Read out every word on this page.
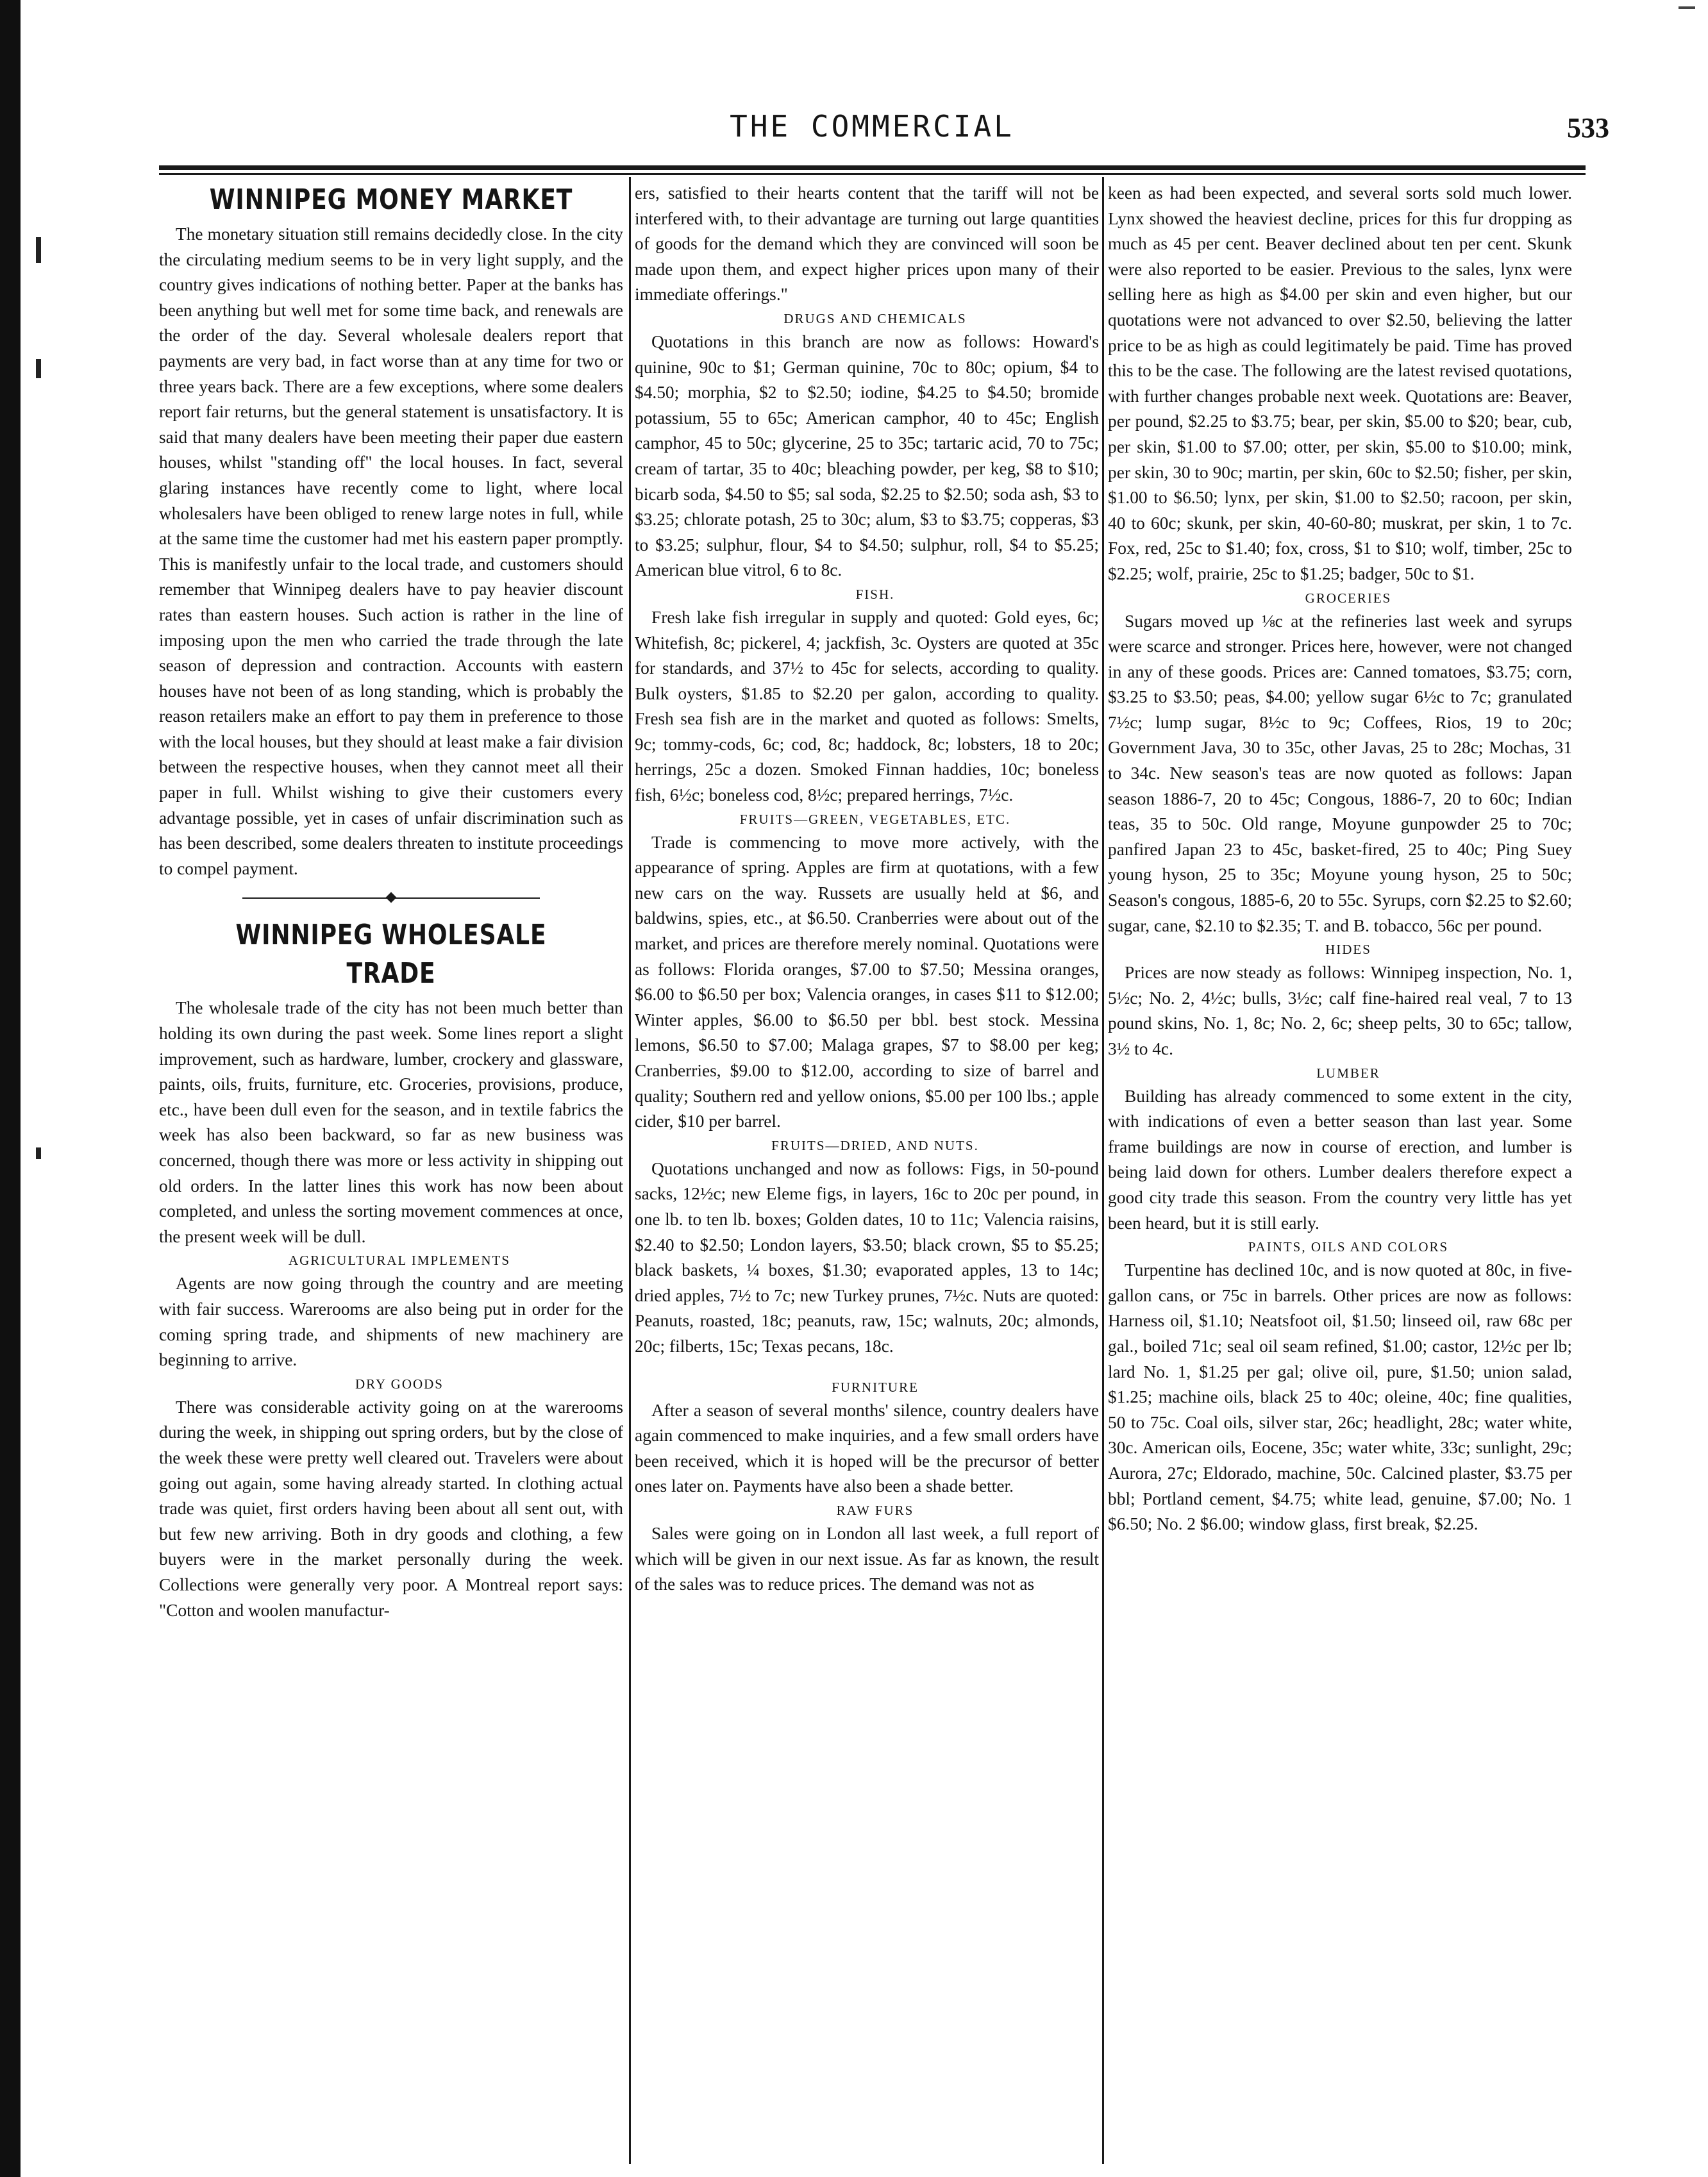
THE COMMERCIAL	533
WINNIPEG MONEY MARKET

The monetary situation still remains decidedly close. In the city the circulating medium seems to be in very light supply, and the country gives indications of nothing better. Paper at the banks has been anything but well met for some time back, and renewals are the order of the day. Several wholesale dealers report that payments are very bad, in fact worse than at any time for two or three years back. There are a few exceptions, where some dealers report fair returns, but the general statement is unsatisfactory. It is said that many dealers have been meeting their paper due eastern houses, whilst "standing off" the local houses. In fact, several glaring instances have recently come to light, where local wholesalers have been obliged to renew large notes in full, while at the same time the customer had met his eastern paper promptly. This is manifestly unfair to the local trade, and customers should remember that Winnipeg dealers have to pay heavier discount rates than eastern houses. Such action is rather in the line of imposing upon the men who carried the trade through the late season of depression and contraction. Accounts with eastern houses have not been of as long standing, which is probably the reason retailers make an effort to pay them in preference to those with the local houses, but they should at least make a fair division between the respective houses, when they cannot meet all their paper in full. Whilst wishing to give their customers every advantage possible, yet in cases of unfair discrimination such as has been described, some dealers threaten to institute proceedings to compel payment.

WINNIPEG WHOLESALE TRADE

The wholesale trade of the city has not been much better than holding its own during the past week. Some lines report a slight improvement, such as hardware, lumber, crockery and glassware, paints, oils, fruits, furniture, etc. Groceries, provisions, produce, etc., have been dull even for the season, and in textile fabrics the week has also been backward, so far as new business was concerned, though there was more or less activity in shipping out old orders. In the latter lines this work has now been about completed, and unless the sorting movement commences at once, the present week will be dull.

AGRICULTURAL IMPLEMENTS

Agents are now going through the country and are meeting with fair success. Warerooms are also being put in order for the coming spring trade, and shipments of new machinery are beginning to arrive.

DRY GOODS

There was considerable activity going on at the warerooms during the week, in shipping out spring orders, but by the close of the week these were pretty well cleared out. Travelers were about going out again, some having already started. In clothing actual trade was quiet, first orders having been about all sent out, with but few new arriving. Both in dry goods and clothing, a few buyers were in the market personally during the week. Collections were generally very poor. A Montreal report says: "Cotton and woolen manufactur-

ers, satisfied to their hearts content that the tariff will not be interfered with, to their advantage are turning out large quantities of goods for the demand which they are convinced will soon be made upon them, and expect higher prices upon many of their immediate offerings."

DRUGS AND CHEMICALS

Quotations in this branch are now as follows: Howard's quinine, 90c to $1; German quinine, 70c to 80c; opium, $4 to $4.50; morphia, $2 to $2.50; iodine, $4.25 to $4.50; bromide potassium, 55 to 65c; American camphor, 40 to 45c; English camphor, 45 to 50c; glycerine, 25 to 35c; tartaric acid, 70 to 75c; cream of tartar, 35 to 40c; bleaching powder, per keg, $8 to $10; bicarb soda, $4.50 to $5; sal soda, $2.25 to $2.50; soda ash, $3 to $3.25; chlorate potash, 25 to 30c; alum, $3 to $3.75; copperas, $3 to $3.25; sulphur, flour, $4 to $4.50; sulphur, roll, $4 to $5.25; American blue vitrol, 6 to 8c.

FISH.

Fresh lake fish irregular in supply and quoted: Gold eyes, 6c; Whitefish, 8c; pickerel, 4; jackfish, 3c. Oysters are quoted at 35c for standards, and 37½ to 45c for selects, according to quality. Bulk oysters, $1.85 to $2.20 per galon, according to quality. Fresh sea fish are in the market and quoted as follows: Smelts, 9c; tommy-cods, 6c; cod, 8c; haddock, 8c; lobsters, 18 to 20c; herrings, 25c a dozen. Smoked Finnan haddies, 10c; boneless fish, 6½c; boneless cod, 8½c; prepared herrings, 7½c.

FRUITS—GREEN, VEGETABLES, ETC.

Trade is commencing to move more actively, with the appearance of spring. Apples are firm at quotations, with a few new cars on the way. Russets are usually held at $6, and baldwins, spies, etc., at $6.50. Cranberries were about out of the market, and prices are therefore merely nominal. Quotations were as follows: Florida oranges, $7.00 to $7.50; Messina oranges, $6.00 to $6.50 per box; Valencia oranges, in cases $11 to $12.00; Winter apples, $6.00 to $6.50 per bbl. best stock. Messina lemons, $6.50 to $7.00; Malaga grapes, $7 to $8.00 per keg; Cranberries, $9.00 to $12.00, according to size of barrel and quality; Southern red and yellow onions, $5.00 per 100 lbs.; apple cider, $10 per barrel.

FRUITS—DRIED, AND NUTS.

Quotations unchanged and now as follows: Figs, in 50-pound sacks, 12½c; new Eleme figs, in layers, 16c to 20c per pound, in one lb. to ten lb. boxes; Golden dates, 10 to 11c; Valencia raisins, $2.40 to $2.50; London layers, $3.50; black crown, $5 to $5.25; black baskets, ¼ boxes, $1.30; evaporated apples, 13 to 14c; dried apples, 7½ to 7c; new Turkey prunes, 7½c. Nuts are quoted: Peanuts, roasted, 18c; peanuts, raw, 15c; walnuts, 20c; almonds, 20c; filberts, 15c; Texas pecans, 18c.

FURNITURE

After a season of several months' silence, country dealers have again commenced to make inquiries, and a few small orders have been received, which it is hoped will be the precursor of better ones later on. Payments have also been a shade better.

RAW FURS

Sales were going on in London all last week, a full report of which will be given in our next issue. As far as known, the result of the sales was to reduce prices. The demand was not as

keen as had been expected, and several sorts sold much lower. Lynx showed the heaviest decline, prices for this fur dropping as much as 45 per cent. Beaver declined about ten per cent. Skunk were also reported to be easier. Previous to the sales, lynx were selling here as high as $4.00 per skin and even higher, but our quotations were not advanced to over $2.50, believing the latter price to be as high as could legitimately be paid. Time has proved this to be the case. The following are the latest revised quotations, with further changes probable next week. Quotations are: Beaver, per pound, $2.25 to $3.75; bear, per skin, $5.00 to $20; bear, cub, per skin, $1.00 to $7.00; otter, per skin, $5.00 to $10.00; mink, per skin, 30 to 90c; martin, per skin, 60c to $2.50; fisher, per skin, $1.00 to $6.50; lynx, per skin, $1.00 to $2.50; racoon, per skin, 40 to 60c; skunk, per skin, 40-60-80; muskrat, per skin, 1 to 7c. Fox, red, 25c to $1.40; fox, cross, $1 to $10; wolf, timber, 25c to $2.25; wolf, prairie, 25c to $1.25; badger, 50c to $1.

GROCERIES

Sugars moved up ⅛c at the refineries last week and syrups were scarce and stronger. Prices here, however, were not changed in any of these goods. Prices are: Canned tomatoes, $3.75; corn, $3.25 to $3.50; peas, $4.00; yellow sugar 6½c to 7c; granulated 7½c; lump sugar, 8½c to 9c; Coffees, Rios, 19 to 20c; Government Java, 30 to 35c, other Javas, 25 to 28c; Mochas, 31 to 34c. New season's teas are now quoted as follows: Japan season 1886-7, 20 to 45c; Congous, 1886-7, 20 to 60c; Indian teas, 35 to 50c. Old range, Moyune gunpowder 25 to 70c; panfired Japan 23 to 45c, basket-fired, 25 to 40c; Ping Suey young hyson, 25 to 35c; Moyune young hyson, 25 to 50c; Season's congous, 1885-6, 20 to 55c. Syrups, corn $2.25 to $2.60; sugar, cane, $2.10 to $2.35; T. and B. tobacco, 56c per pound.

HIDES

Prices are now steady as follows: Winnipeg inspection, No. 1, 5½c; No. 2, 4½c; bulls, 3½c; calf fine-haired real veal, 7 to 13 pound skins, No. 1, 8c; No. 2, 6c; sheep pelts, 30 to 65c; tallow, 3½ to 4c.

LUMBER

Building has already commenced to some extent in the city, with indications of even a better season than last year. Some frame buildings are now in course of erection, and lumber is being laid down for others. Lumber dealers therefore expect a good city trade this season. From the country very little has yet been heard, but it is still early.

PAINTS, OILS AND COLORS

Turpentine has declined 10c, and is now quoted at 80c, in five-gallon cans, or 75c in barrels. Other prices are now as follows: Harness oil, $1.10; Neatsfoot oil, $1.50; linseed oil, raw 68c per gal., boiled 71c; seal oil seam refined, $1.00; castor, 12½c per lb; lard No. 1, $1.25 per gal; olive oil, pure, $1.50; union salad, $1.25; machine oils, black 25 to 40c; oleine, 40c; fine qualities, 50 to 75c. Coal oils, silver star, 26c; headlight, 28c; water white, 30c. American oils, Eocene, 35c; water white, 33c; sunlight, 29c; Aurora, 27c; Eldorado, machine, 50c. Calcined plaster, $3.75 per bbl; Portland cement, $4.75; white lead, genuine, $7.00; No. 1 $6.50; No. 2 $6.00; window glass, first break, $2.25.
